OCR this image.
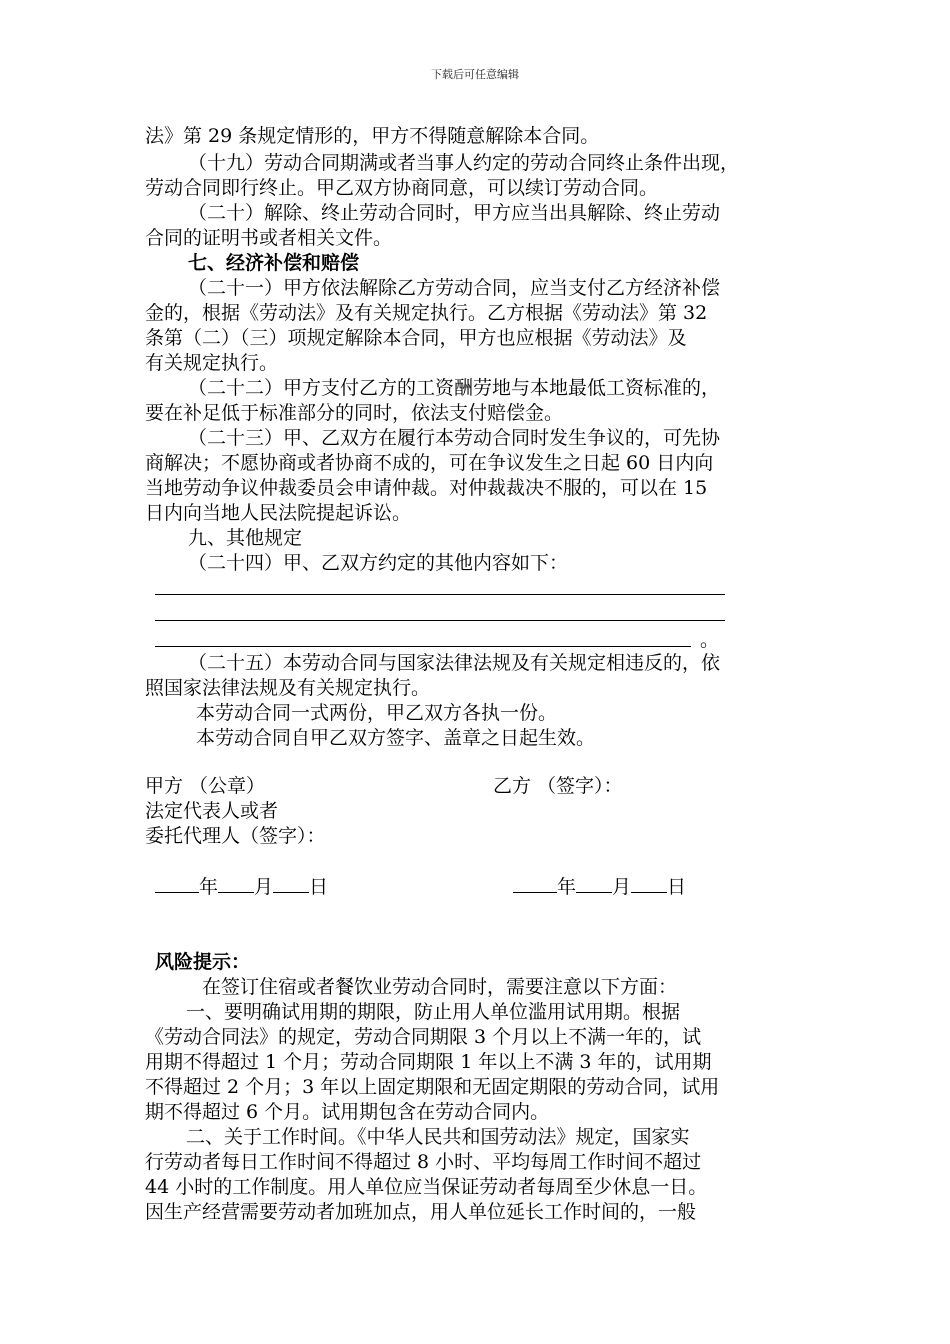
下载后可任意编辑
法》第 29 条规定情形的，甲方不得随意解除本合同。
（十九）劳动合同期满或者当事人约定的劳动合同终止条件出现，
劳动合同即行终止。甲乙双方协商同意，可以续订劳动合同。
（二十）解除、终止劳动合同时，甲方应当出具解除、终止劳动
合同的证明书或者相关文件。
七、经济补偿和赔偿
（二十一）甲方依法解除乙方劳动合同，应当支付乙方经济补偿
金的，根据《劳动法》及有关规定执行。乙方根据《劳动法》第 32
条第（二）（三）项规定解除本合同，甲方也应根据《劳动法》及
有关规定执行。
（二十二）甲方支付乙方的工资酬劳地与本地最低工资标准的，
要在补足低于标准部分的同时，依法支付赔偿金。
（二十三）甲、乙双方在履行本劳动合同时发生争议的，可先协
商解决；不愿协商或者协商不成的，可在争议发生之日起 60 日内向
当地劳动争议仲裁委员会申请仲裁。对仲裁裁决不服的，可以在 15
日内向当地人民法院提起诉讼。
九、其他规定
（二十四）甲、乙双方约定的其他内容如下：
。
（二十五）本劳动合同与国家法律法规及有关规定相违反的，依
照国家法律法规及有关规定执行。
本劳动合同一式两份，甲乙双方各执一份。
本劳动合同自甲乙双方签字、盖章之日起生效。
甲方 （公章）	乙方 （签字）：
法定代表人或者
委托代理人（签字）：
年 月 日	年 月 日
风险提示：
在签订住宿或者餐饮业劳动合同时，需要注意以下方面：
一、要明确试用期的期限，防止用人单位滥用试用期。根据
《劳动合同法》的规定，劳动合同期限 3 个月以上不满一年的，试
用期不得超过 1 个月；劳动合同期限 1 年以上不满 3 年的，试用期
不得超过 2 个月；3 年以上固定期限和无固定期限的劳动合同，试用
期不得超过 6 个月。试用期包含在劳动合同内。
二、关于工作时间。《中华人民共和国劳动法》规定，国家实
行劳动者每日工作时间不得超过 8 小时、平均每周工作时间不超过
44 小时的工作制度。用人单位应当保证劳动者每周至少休息一日。
因生产经营需要劳动者加班加点，用人单位延长工作时间的，一般
